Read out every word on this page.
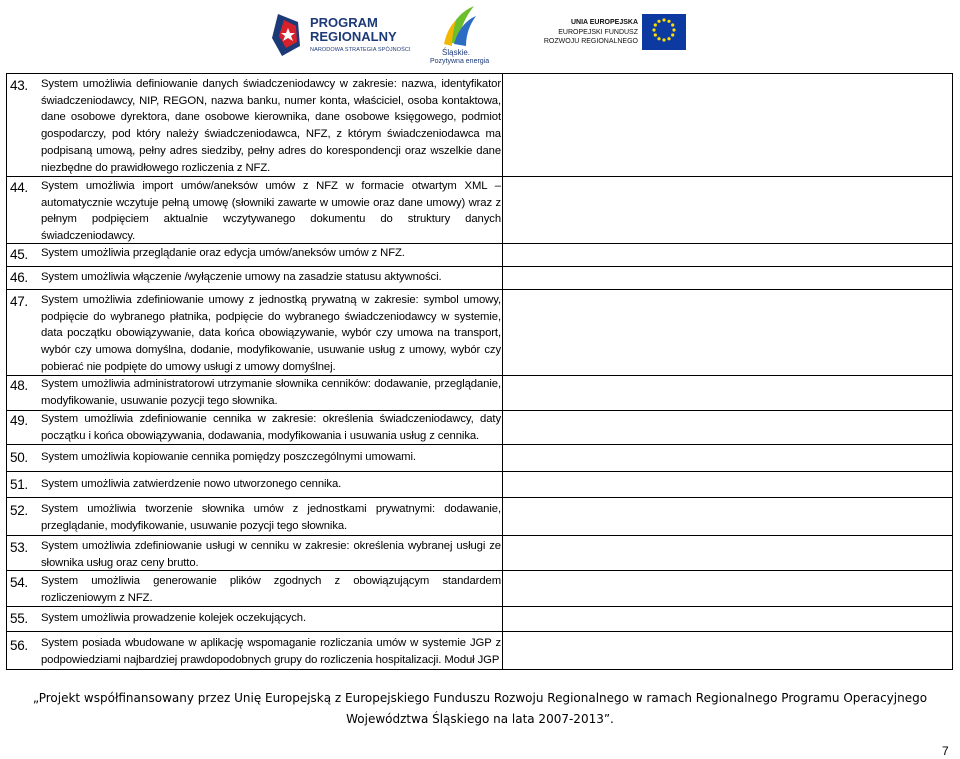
PROGRAM
REGIONALNY
NARODOWA STRATEGIA SPÓJNOŚCI	Śląskie.
Pozytywna energia
UNIA EUROPEJSKA
EUROPEJSKI FUNDUSZ
ROZWOJU REGIONALNEGO
43. System umożliwia definiowanie danych świadczeniodawcy w zakresie: nazwa, identyfikator świadczeniodawcy, NIP, REGON, nazwa banku, numer konta, właściciel, osoba kontaktowa, dane osobowe dyrektora, dane osobowe kierownika, dane osobowe księgowego, podmiot gospodarczy, pod który należy świadczeniodawca, NFZ, z którym świadczeniodawca ma podpisaną umową, pełny adres siedziby, pełny adres do korespondencji oraz wszelkie dane niezbędne do prawidłowego rozliczenia z NFZ.
44. System umożliwia import umów/aneksów umów z NFZ w formacie otwartym XML – automatycznie wczytuje pełną umowę (słowniki zawarte w umowie oraz dane umowy) wraz z pełnym podpięciem aktualnie wczytywanego dokumentu do struktury danych świadczeniodawcy.
45. System umożliwia przeglądanie oraz edycja umów/aneksów umów z NFZ.
46. System umożliwia włączenie /wyłączenie umowy na zasadzie statusu aktywności.
47. System umożliwia zdefiniowanie umowy z jednostką prywatną w zakresie: symbol umowy, podpięcie do wybranego płatnika, podpięcie do wybranego świadczeniodawcy w systemie, data początku obowiązywanie, data końca obowiązywanie, wybór czy umowa na transport, wybór czy umowa domyślna, dodanie, modyfikowanie, usuwanie usług z umowy, wybór czy pobierać nie podpięte do umowy usługi z umowy domyślnej.
48. System umożliwia administratorowi utrzymanie słownika cenników: dodawanie, przeglądanie, modyfikowanie, usuwanie pozycji tego słownika.
49. System umożliwia zdefiniowanie cennika w zakresie: określenia świadczeniodawcy, daty początku i końca obowiązywania, dodawania, modyfikowania i usuwania usług z cennika.
50. System umożliwia kopiowanie cennika pomiędzy poszczególnymi umowami.
51. System umożliwia zatwierdzenie nowo utworzonego cennika.
52. System umożliwia tworzenie słownika umów z jednostkami prywatnymi: dodawanie, przeglądanie, modyfikowanie, usuwanie pozycji tego słownika.
53. System umożliwia zdefiniowanie usługi w cenniku w zakresie: określenia wybranej usługi ze słownika usług oraz ceny brutto.
54. System umożliwia generowanie plików zgodnych z obowiązującym standardem rozliczeniowym z NFZ.
55. System umożliwia prowadzenie kolejek oczekujących.
56. System posiada wbudowane w aplikację wspomaganie rozliczania umów w systemie JGP z podpowiedziami najbardziej prawdopodobnych grupy do rozliczenia hospitalizacji. Moduł JGP
„Projekt współfinansowany przez Unię Europejską z Europejskiego Funduszu Rozwoju Regionalnego w ramach Regionalnego Programu Operacyjnego
Województwa Śląskiego na lata 2007-2013”.
7
